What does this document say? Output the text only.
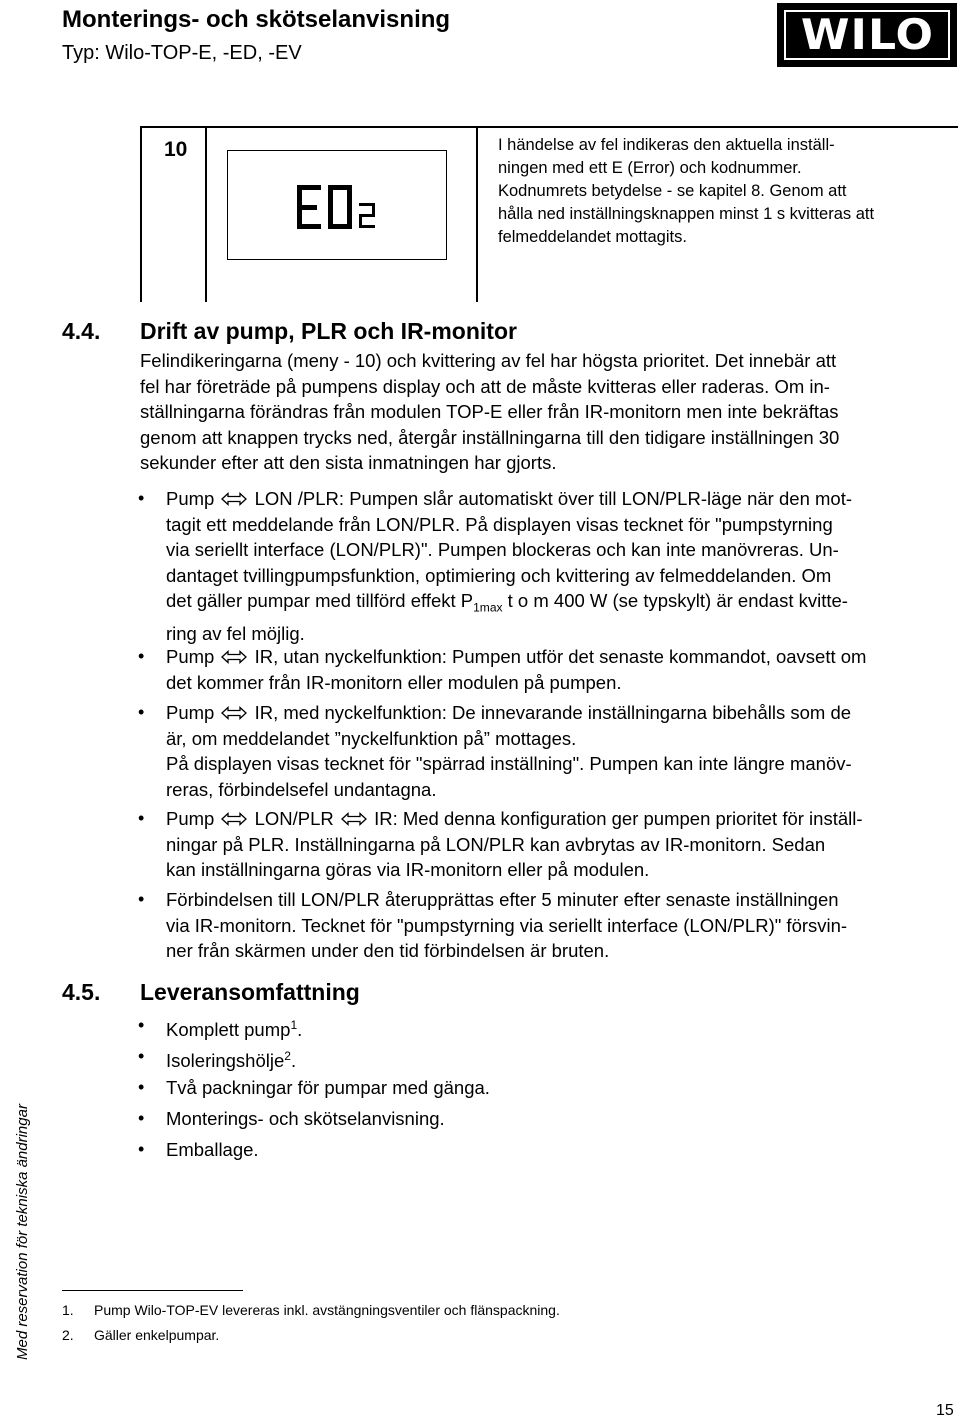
Monterings- och skötselanvisning
Typ: Wilo-TOP-E, -ED, -EV	WILO
10	I händelse av fel indikeras den aktuella inställ-
ningen med ett E (Error) och kodnummer.
Kodnumrets betydelse - se kapitel 8. Genom att
hålla ned inställningsknappen minst 1 s kvitteras att
felmeddelandet mottagits.
4.4. Drift av pump, PLR och IR-monitor
Felindikeringarna (meny - 10) och kvittering av fel har högsta prioritet. Det innebär att
fel har företräde på pumpens display och att de måste kvitteras eller raderas. Om in-
ställningarna förändras från modulen TOP-E eller från IR-monitorn men inte bekräftas
genom att knappen trycks ned, återgår inställningarna till den tidigare inställningen 30
sekunder efter att den sista inmatningen har gjorts.
• Pump LON /PLR: Pumpen slår automatiskt över till LON/PLR-läge när den mot-
tagit ett meddelande från LON/PLR. På displayen visas tecknet för "pumpstyrning
via seriellt interface (LON/PLR)". Pumpen blockeras och kan inte manövreras. Un-
dantaget tvillingpumpsfunktion, optimiering och kvittering av felmeddelanden. Om
det gäller pumpar med tillförd effekt $P_{1max}$ t o m 400 W (se typskylt) är endast kvitte-
ring av fel möjlig.
• Pump IR, utan nyckelfunktion: Pumpen utför det senaste kommandot, oavsett om
det kommer från IR-monitorn eller modulen på pumpen.
• Pump IR, med nyckelfunktion: De innevarande inställningarna bibehålls som de
är, om meddelandet ”nyckelfunktion på” mottages.
På displayen visas tecknet för "spärrad inställning". Pumpen kan inte längre manöv-
reras, förbindelsefel undantagna.
• Pump LON/PLR IR: Med denna konfiguration ger pumpen prioritet för inställ-
ningar på PLR. Inställningarna på LON/PLR kan avbrytas av IR-monitorn. Sedan
kan inställningarna göras via IR-monitorn eller på modulen.
• Förbindelsen till LON/PLR återupprättas efter 5 minuter efter senaste inställningen
via IR-monitorn. Tecknet för "pumpstyrning via seriellt interface (LON/PLR)" försvin-
ner från skärmen under den tid förbindelsen är bruten.
4.5. Leveransomfattning
• Komplett pump$^1$.
• Isoleringshölje$^2$.
• Två packningar för pumpar med gänga.
• Monterings- och skötselanvisning.
• Emballage.
Med reservation för tekniska ändringar 1. Pump Wilo-TOP-EV levereras inkl. avstängningsventiler och flänspackning.
2. Gäller enkelpumpar.
15
